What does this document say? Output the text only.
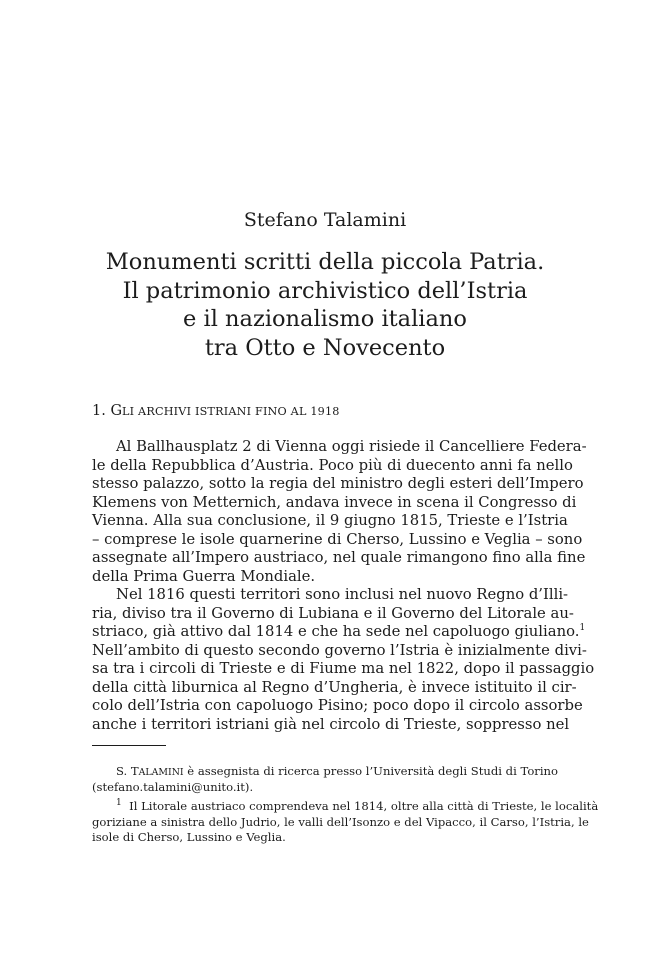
Stefano Talamini
Monumenti scritti della piccola Patria.
Il patrimonio archivistico dell’Istria
e il nazionalismo italiano
tra Otto e Novecento
1. GLI ARCHIVI ISTRIANI FINO AL 1918
Al Ballhausplatz 2 di Vienna oggi risiede il Cancelliere Federa-
le della Repubblica d’Austria. Poco più di duecento anni fa nello
stesso palazzo, sotto la regia del ministro degli esteri dell’Impero
Klemens von Metternich, andava invece in scena il Congresso di
Vienna. Alla sua conclusione, il 9 giugno 1815, Trieste e l’Istria
– comprese le isole quarnerine di Cherso, Lussino e Veglia – sono
assegnate all’Impero austriaco, nel quale rimangono fino alla fine
della Prima Guerra Mondiale.
Nel 1816 questi territori sono inclusi nel nuovo Regno d’Illi-
ria, diviso tra il Governo di Lubiana e il Governo del Litorale au-
striaco, già attivo dal 1814 e che ha sede nel capoluogo giuliano.$^1$
Nell’ambito di questo secondo governo l’Istria è inizialmente divi-
sa tra i circoli di Trieste e di Fiume ma nel 1822, dopo il passaggio
della città liburnica al Regno d’Ungheria, è invece istituito il cir-
colo dell’Istria con capoluogo Pisino; poco dopo il circolo assorbe
anche i territori istriani già nel circolo di Trieste, soppresso nel
S. TALAMINI è assegnista di ricerca presso l’Università degli Studi di Torino
(stefano.talamini@unito.it).
$^1$ Il Litorale austriaco comprendeva nel 1814, oltre alla città di Trieste, le località
goriziane a sinistra dello Judrio, le valli dell’Isonzo e del Vipacco, il Carso, l’Istria, le
isole di Cherso, Lussino e Veglia.
